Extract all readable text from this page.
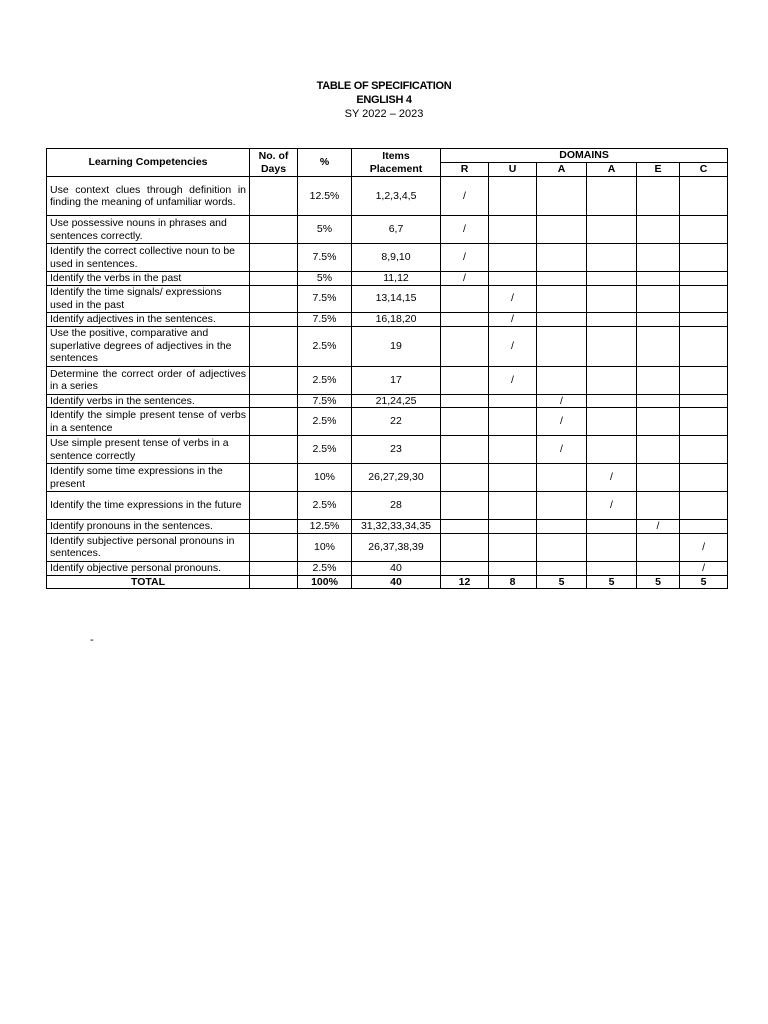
TABLE OF SPECIFICATION
ENGLISH 4
SY 2022 – 2023
Learning Competencies	No. of Days	%	Items Placement	DOMAINS					
				R	U	A	A	E	C
Use context clues through definition in finding the meaning of unfamiliar words.		12.5%	1,2,3,4,5	/					
Use possessive nouns in phrases and sentences correctly.		5%	6,7	/					
Identify the correct collective noun to be used in sentences.		7.5%	8,9,10	/					
Identify the verbs in the past		5%	11,12	/					
Identify the time signals/ expressions used in the past		7.5%	13,14,15		/				
Identify adjectives in the sentences.		7.5%	16,18,20		/				
Use the positive, comparative and superlative degrees of adjectives in the sentences		2.5%	19		/				
Determine the correct order of adjectives in a series		2.5%	17		/				
Identify verbs in the sentences.		7.5%	21,24,25			/			
Identify the simple present tense of verbs in a sentence		2.5%	22			/			
Use simple present tense of verbs in a sentence correctly		2.5%	23			/			
Identify some time expressions in the present		10%	26,27,29,30				/		
Identify the time expressions in the future		2.5%	28				/		
Identify pronouns in the sentences.		12.5%	31,32,33,34,35					/	
Identify subjective personal pronouns in sentences.		10%	26,37,38,39						/
Identify objective personal pronouns.		2.5%	40						/
TOTAL		100%	40	12	8	5	5	5	5
-
